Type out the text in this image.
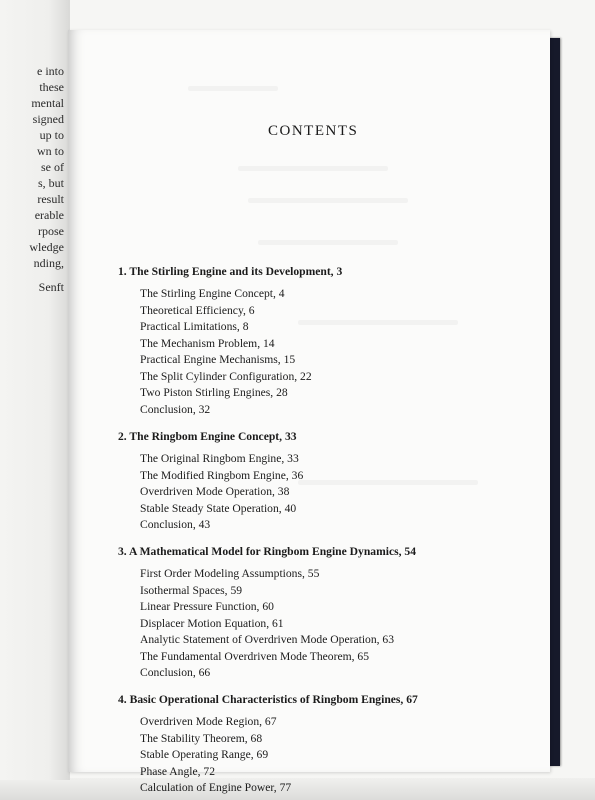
e into
these
mental
signed
up to
wn to
se of
s, but
result
erable
rpose
wledge
nding,
Senft
CONTENTS
1. The Stirling Engine and its Development, 3
The Stirling Engine Concept, 4
Theoretical Efficiency, 6
Practical Limitations, 8
The Mechanism Problem, 14
Practical Engine Mechanisms, 15
The Split Cylinder Configuration, 22
Two Piston Stirling Engines, 28
Conclusion, 32
2. The Ringbom Engine Concept, 33
The Original Ringbom Engine, 33
The Modified Ringbom Engine, 36
Overdriven Mode Operation, 38
Stable Steady State Operation, 40
Conclusion, 43
3. A Mathematical Model for Ringbom Engine Dynamics, 54
First Order Modeling Assumptions, 55
Isothermal Spaces, 59
Linear Pressure Function, 60
Displacer Motion Equation, 61
Analytic Statement of Overdriven Mode Operation, 63
The Fundamental Overdriven Mode Theorem, 65
Conclusion, 66
4. Basic Operational Characteristics of Ringbom Engines, 67
Overdriven Mode Region, 67
The Stability Theorem, 68
Stable Operating Range, 69
Phase Angle, 72
Calculation of Engine Power, 77
